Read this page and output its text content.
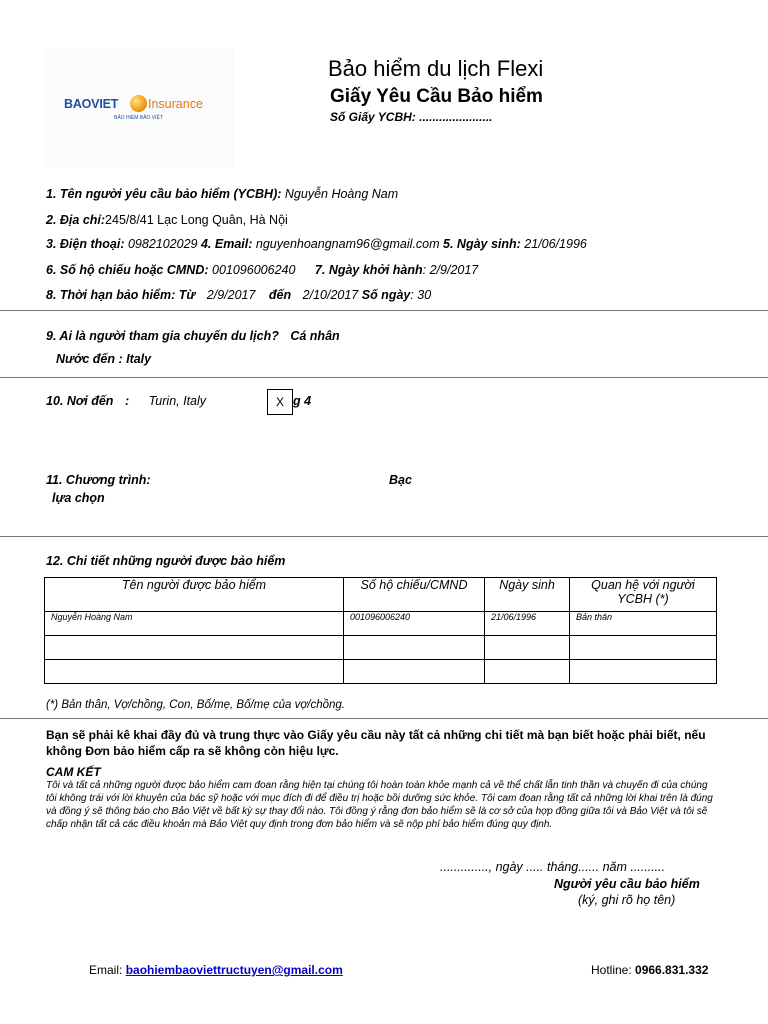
BAOVIET Insurance
BẢO HIỂM BẢO VIỆT
Bảo hiểm du lịch Flexi
Giấy Yêu Cầu Bảo hiểm
Số Giấy YCBH: ......................
1. Tên người yêu cầu bảo hiểm (YCBH): Nguyễn Hoàng Nam
2. Địa chỉ:245/8/41 Lạc Long Quân, Hà Nội
3. Điện thoại: 0982102029 4. Email: nguyenhoangnam96@gmail.com 5. Ngày sinh: 21/06/1996
6. Số hộ chiếu hoặc CMND: 001096006240 7. Ngày khởi hành: 2/9/2017
8. Thời hạn bảo hiểm: Từ 2/9/2017 đến 2/10/2017 Số ngày: 30
9. Ai là người tham gia chuyến du lịch? Cá nhân
Nước đến : Italy
10. Nơi đến : Turin, Italy	X g 4
11. Chương trình:
lựa chọn
Bạc
12. Chi tiết những người được bảo hiểm
Tên người được bảo hiểm	Số hộ chiếu/CMND	Ngày sinh	Quan hệ với người YCBH (*)
Nguyễn Hoàng Nam	001096006240	21/06/1996	Bản thân

(*) Bản thân, Vợ/chồng, Con, Bố/mẹ, Bố/mẹ của vợ/chồng.
Bạn sẽ phải kê khai đầy đủ và trung thực vào Giấy yêu cầu này tất cả những chi tiết mà bạn biết hoặc phải biết, nếu không Đơn bảo hiểm cấp ra sẽ không còn hiệu lực.
CAM KẾT
Tôi và tất cả những người được bảo hiểm cam đoan rằng hiện tại chúng tôi hoàn toàn khỏe mạnh cả về thể chất lẫn tinh thần và chuyến đi của chúng tôi không trái với lời khuyên của bác sỹ hoặc với mục đích đi để điều trị hoặc bồi dưỡng sức khỏe. Tôi cam đoan rằng tất cả những lời khai trên là đúng và đồng ý sẽ thông báo cho Bảo Việt về bất kỳ sự thay đổi nào. Tôi đồng ý rằng đơn bảo hiểm sẽ là cơ sở của hợp đồng giữa tôi và Bảo Việt và tôi sẽ chấp nhận tất cả các điều khoản mà Bảo Việt quy định trong đơn bảo hiểm và sẽ nộp phí bảo hiểm đúng quy định.
.............., ngày ..... tháng...... năm ..........
Người yêu cầu bảo hiểm
(ký, ghi rõ họ tên)
Email: baohiembaoviettructuyen@gmail.com	Hotline: 0966.831.332
